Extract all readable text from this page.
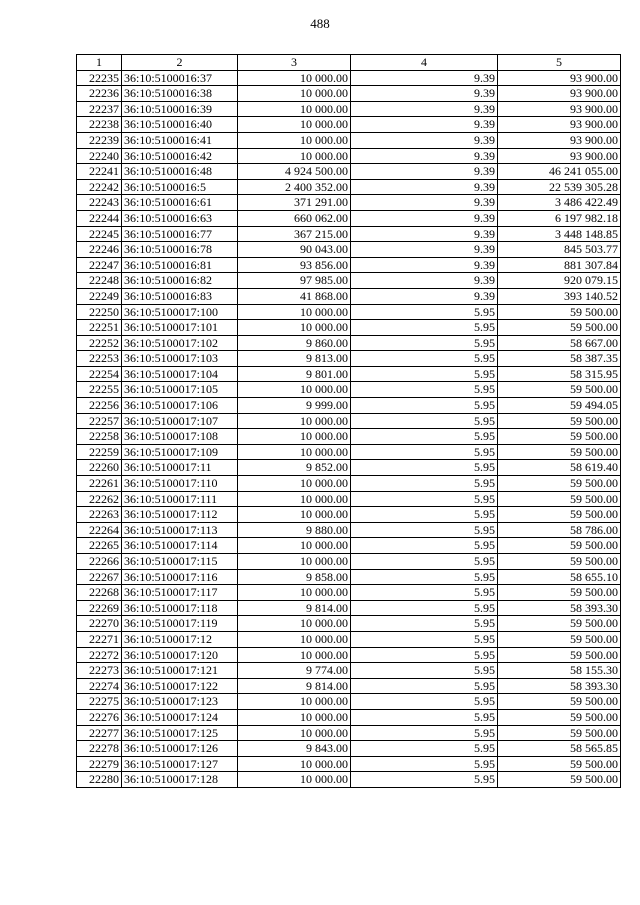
488
1	2	3	4	5
22235	36:10:5100016:37	10 000.00	9.39	93 900.00
22236	36:10:5100016:38	10 000.00	9.39	93 900.00
22237	36:10:5100016:39	10 000.00	9.39	93 900.00
22238	36:10:5100016:40	10 000.00	9.39	93 900.00
22239	36:10:5100016:41	10 000.00	9.39	93 900.00
22240	36:10:5100016:42	10 000.00	9.39	93 900.00
22241	36:10:5100016:48	4 924 500.00	9.39	46 241 055.00
22242	36:10:5100016:5	2 400 352.00	9.39	22 539 305.28
22243	36:10:5100016:61	371 291.00	9.39	3 486 422.49
22244	36:10:5100016:63	660 062.00	9.39	6 197 982.18
22245	36:10:5100016:77	367 215.00	9.39	3 448 148.85
22246	36:10:5100016:78	90 043.00	9.39	845 503.77
22247	36:10:5100016:81	93 856.00	9.39	881 307.84
22248	36:10:5100016:82	97 985.00	9.39	920 079.15
22249	36:10:5100016:83	41 868.00	9.39	393 140.52
22250	36:10:5100017:100	10 000.00	5.95	59 500.00
22251	36:10:5100017:101	10 000.00	5.95	59 500.00
22252	36:10:5100017:102	9 860.00	5.95	58 667.00
22253	36:10:5100017:103	9 813.00	5.95	58 387.35
22254	36:10:5100017:104	9 801.00	5.95	58 315.95
22255	36:10:5100017:105	10 000.00	5.95	59 500.00
22256	36:10:5100017:106	9 999.00	5.95	59 494.05
22257	36:10:5100017:107	10 000.00	5.95	59 500.00
22258	36:10:5100017:108	10 000.00	5.95	59 500.00
22259	36:10:5100017:109	10 000.00	5.95	59 500.00
22260	36:10:5100017:11	9 852.00	5.95	58 619.40
22261	36:10:5100017:110	10 000.00	5.95	59 500.00
22262	36:10:5100017:111	10 000.00	5.95	59 500.00
22263	36:10:5100017:112	10 000.00	5.95	59 500.00
22264	36:10:5100017:113	9 880.00	5.95	58 786.00
22265	36:10:5100017:114	10 000.00	5.95	59 500.00
22266	36:10:5100017:115	10 000.00	5.95	59 500.00
22267	36:10:5100017:116	9 858.00	5.95	58 655.10
22268	36:10:5100017:117	10 000.00	5.95	59 500.00
22269	36:10:5100017:118	9 814.00	5.95	58 393.30
22270	36:10:5100017:119	10 000.00	5.95	59 500.00
22271	36:10:5100017:12	10 000.00	5.95	59 500.00
22272	36:10:5100017:120	10 000.00	5.95	59 500.00
22273	36:10:5100017:121	9 774.00	5.95	58 155.30
22274	36:10:5100017:122	9 814.00	5.95	58 393.30
22275	36:10:5100017:123	10 000.00	5.95	59 500.00
22276	36:10:5100017:124	10 000.00	5.95	59 500.00
22277	36:10:5100017:125	10 000.00	5.95	59 500.00
22278	36:10:5100017:126	9 843.00	5.95	58 565.85
22279	36:10:5100017:127	10 000.00	5.95	59 500.00
22280	36:10:5100017:128	10 000.00	5.95	59 500.00
